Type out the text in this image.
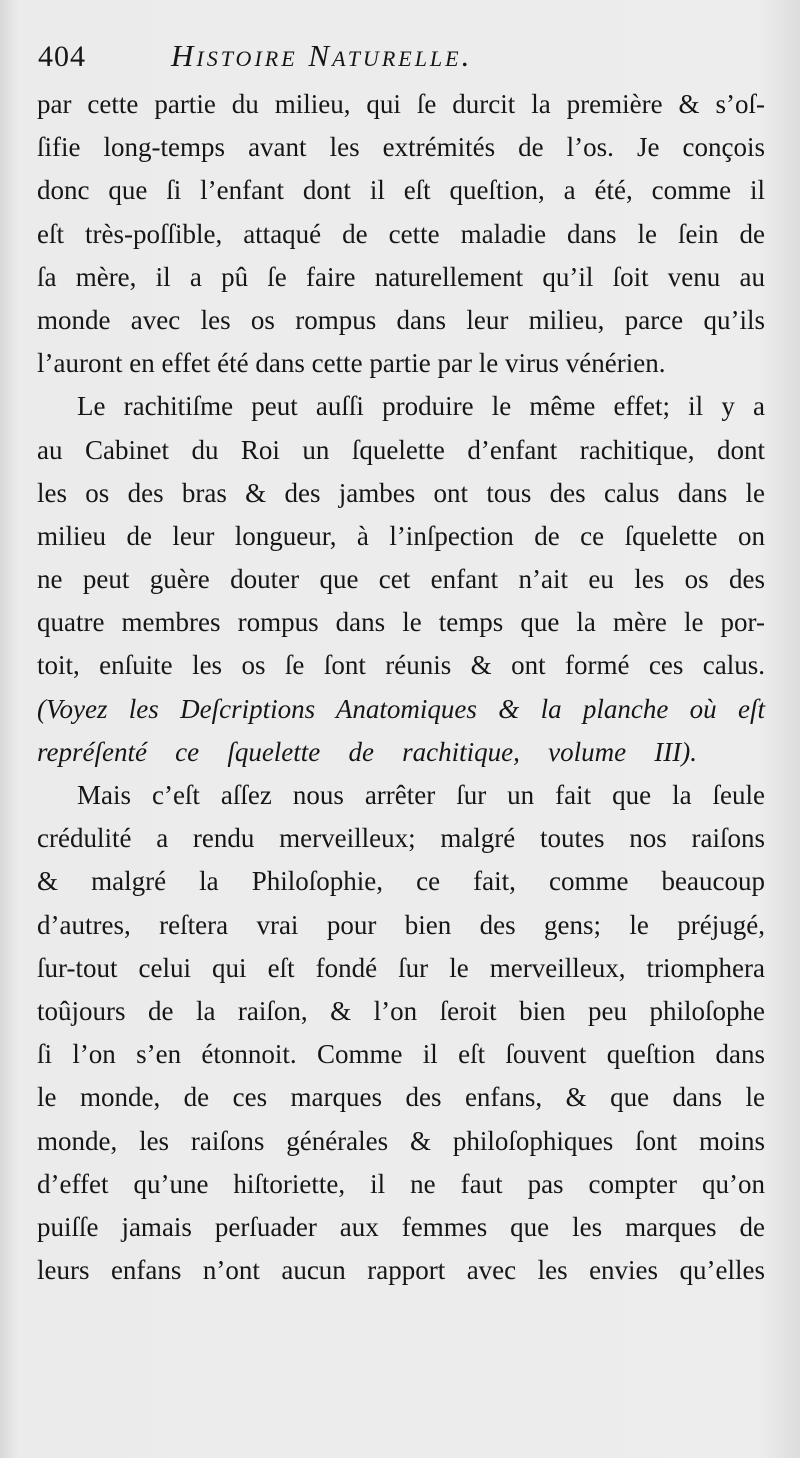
404	Histoire Naturelle.
par cette partie du milieu, qui ſe durcit la première & s’oſ-
ſifie long-temps avant les extrémités de l’os. Je conçois
donc que ſi l’enfant dont il eſt queſtion, a été, comme il
eſt très-poſſible, attaqué de cette maladie dans le ſein de
ſa mère, il a pû ſe faire naturellement qu’il ſoit venu au
monde avec les os rompus dans leur milieu, parce qu’ils
l’auront en effet été dans cette partie par le virus vénérien.
Le rachitiſme peut auſſi produire le même effet; il y a
au Cabinet du Roi un ſquelette d’enfant rachitique, dont
les os des bras & des jambes ont tous des calus dans le
milieu de leur longueur, à l’inſpection de ce ſquelette on
ne peut guère douter que cet enfant n’ait eu les os des
quatre membres rompus dans le temps que la mère le por-
toit, enſuite les os ſe ſont réunis & ont formé ces calus.
(Voyez les Deſcriptions Anatomiques & la planche où eſt
repréſenté ce ſquelette de rachitique, volume III).
Mais c’eſt aſſez nous arrêter ſur un fait que la ſeule
crédulité a rendu merveilleux; malgré toutes nos raiſons
& malgré la Philoſophie, ce fait, comme beaucoup
d’autres, reſtera vrai pour bien des gens; le préjugé,
ſur-tout celui qui eſt fondé ſur le merveilleux, triomphera
toûjours de la raiſon, & l’on ſeroit bien peu philoſophe
ſi l’on s’en étonnoit. Comme il eſt ſouvent queſtion dans
le monde, de ces marques des enfans, & que dans le
monde, les raiſons générales & philoſophiques ſont moins
d’effet qu’une hiſtoriette, il ne faut pas compter qu’on
puiſſe jamais perſuader aux femmes que les marques de
leurs enfans n’ont aucun rapport avec les envies qu’elles
